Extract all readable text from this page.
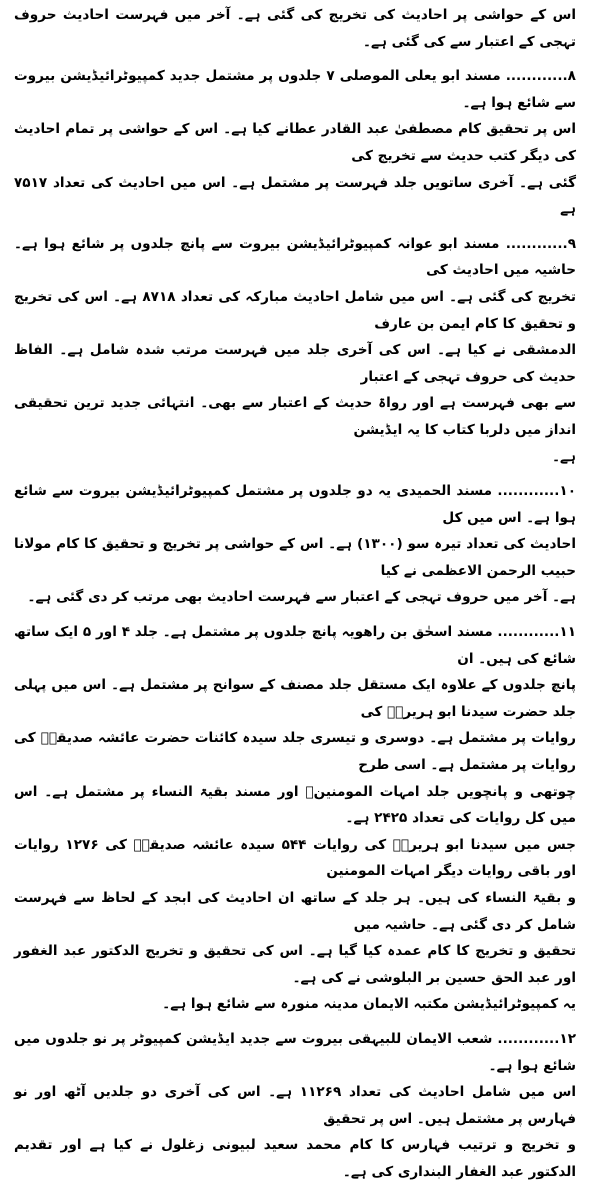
اس کے حواشی پر احادیث کی تخریج کی گئی ہے۔ آخر میں فہرست احادیث حروف تہجی کے اعتبار سے کی گئی ہے۔

۸............ مسند ابو یعلی الموصلی ۷ جلدوں پر مشتمل جدید کمپیوٹرائیڈیشن بیروت سے شائع ہوا ہے۔
اس پر تحقیق کام مصطفیٰ عبد القادر عطانے کیا ہے۔ اس کے حواشی پر تمام احادیث کی دیگر کتب حدیث سے تخریج کی
گئی ہے۔ آخری ساتویں جلد فہرست پر مشتمل ہے۔ اس میں احادیث کی تعداد ۷۵۱۷ ہے

۹............ مسند ابو عوانہ کمپیوٹرائیڈیشن بیروت سے پانچ جلدوں پر شائع ہوا ہے۔ حاشیہ میں احادیث کی
تخریج کی گئی ہے۔ اس میں شامل احادیث مبارکہ کی تعداد ۸۷۱۸ ہے۔ اس کی تخریج و تحقیق کا کام ایمن بن عارف
الدمشقی نے کیا ہے۔ اس کی آخری جلد میں فہرست مرتب شدہ شامل ہے۔ الفاظ حدیث کی حروف تہجی کے اعتبار
سے بھی فہرست ہے اور رواۃ حدیث کے اعتبار سے بھی۔ انتہائی جدید ترین تحقیقی انداز میں دلربا کتاب کا یہ ایڈیشن
ہے۔

۱۰............ مسند الحمیدی یہ دو جلدوں پر مشتمل کمپیوٹرائیڈیشن بیروت سے شائع ہوا ہے۔ اس میں کل
احادیث کی تعداد تیرہ سو (۱۳۰۰) ہے۔ اس کے حواشی پر تخریج و تحقیق کا کام مولانا حبیب الرحمن الاعظمی نے کیا
ہے۔ آخر میں حروف تہجی کے اعتبار سے فہرست احادیث بھی مرتب کر دی گئی ہے۔

۱۱............ مسند اسحٰق بن راھویہ پانچ جلدوں پر مشتمل ہے۔ جلد ۴ اور ۵ ایک ساتھ شائع کی ہیں۔ ان
پانچ جلدوں کے علاوہ ایک مستقل جلد مصنف کے سوانح پر مشتمل ہے۔ اس میں پہلی جلد حضرت سیدنا ابو ہریرہؓ کی
روایات پر مشتمل ہے۔ دوسری و تیسری جلد سیدہ کائنات حضرت عائشہ صدیقہؓ کی روایات پر مشتمل ہے۔ اسی طرح
چوتھی و پانچویں جلد امہات المومنینؓ اور مسند بقیۃ النساء پر مشتمل ہے۔ اس میں کل روایات کی تعداد ۲۴۲۵ ہے۔
جس میں سیدنا ابو ہریرہؓ کی روایات ۵۴۴ سیدہ عائشہ صدیقہؓ کی ۱۲۷۶ روایات اور باقی روایات دیگر امہات المومنین
و بقیۃ النساء کی ہیں۔ ہر جلد کے ساتھ ان احادیث کی ابجد کے لحاظ سے فہرست شامل کر دی گئی ہے۔ حاشیہ میں
تحقیق و تخریج کا کام عمدہ کیا گیا ہے۔ اس کی تحقیق و تخریج الدکتور عبد الغفور اور عبد الحق حسین بر البلوشی نے کی ہے۔
یہ کمپیوٹرائیڈیشن مکتبہ الایمان مدینہ منورہ سے شائع ہوا ہے۔

۱۲............ شعب الایمان للبیہقی بیروت سے جدید ایڈیشن کمپیوٹر پر نو جلدوں میں شائع ہوا ہے۔
اس میں شامل احادیث کی تعداد ۱۱۲۶۹ ہے۔ اس کی آخری دو جلدیں آٹھ اور نو فہارس پر مشتمل ہیں۔ اس پر تحقیق
و تخریج و ترتیب فہارس کا کام محمد سعید لبیونی زغلول نے کیا ہے اور تقدیم الدکتور عبد الغفار البنداری کی ہے۔
